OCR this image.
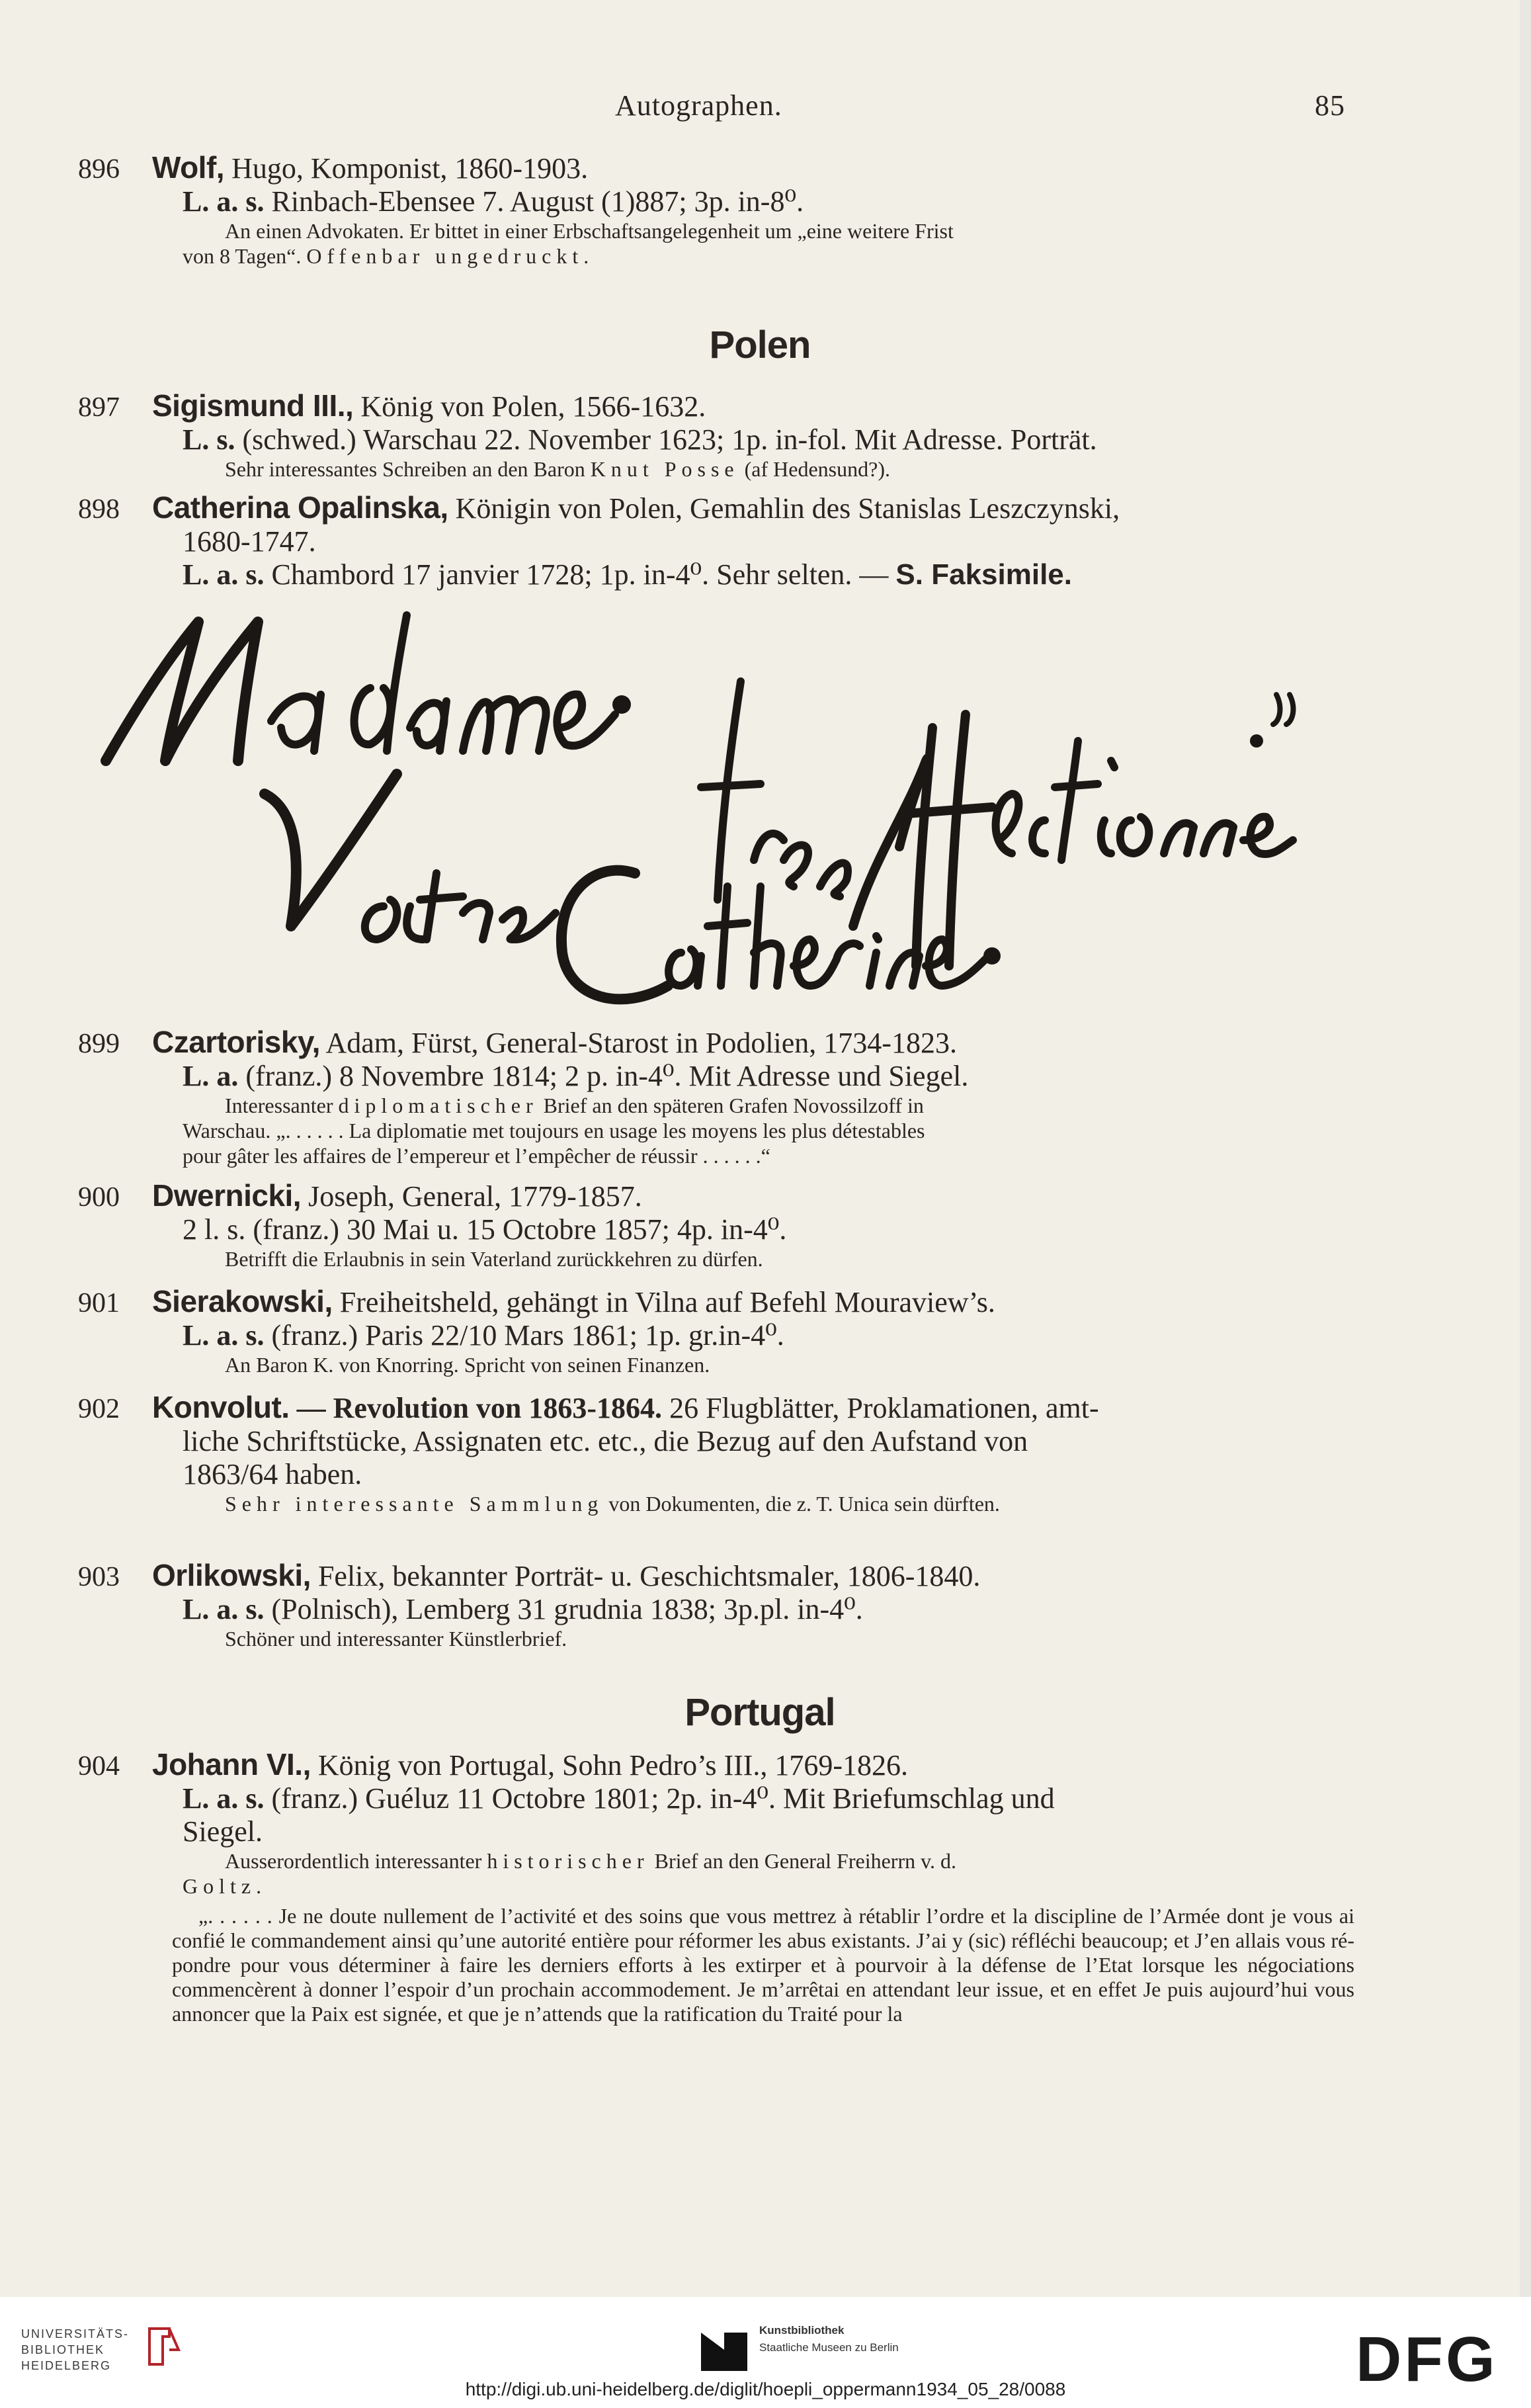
Autographen.	85
896 Wolf, Hugo, Komponist, 1860-1903.
L. a. s. Rinbach-Ebensee 7. August (1)887; 3p. in-8⁰.
An einen Advokaten. Er bittet in einer Erbschaftsangelegenheit um „eine weitere Frist
von 8 Tagen“. Offenbar ungedruckt.
Polen
897 Sigismund III., König von Polen, 1566-1632.
L. s. (schwed.) Warschau 22. November 1623; 1p. in-fol. Mit Adresse. Porträt.
Sehr interessantes Schreiben an den Baron Knut Posse (af Hedensund?).
898 Catherina Opalinska, Königin von Polen, Gemahlin des Stanislas Leszczynski,
1680-1747.
L. a. s. Chambord 17 janvier 1728; 1p. in-4⁰. Sehr selten. — S. Faksimile.
899 Czartorisky, Adam, Fürst, General-Starost in Podolien, 1734-1823.
L. a. (franz.) 8 Novembre 1814; 2 p. in-4⁰. Mit Adresse und Siegel.
Interessanter diplomatischer Brief an den späteren Grafen Novossilzoff in
Warschau. „. . . . . . La diplomatie met toujours en usage les moyens les plus détestables
pour gâter les affaires de l’empereur et l’empêcher de réussir . . . . . .“
900 Dwernicki, Joseph, General, 1779-1857.
2 l. s. (franz.) 30 Mai u. 15 Octobre 1857; 4p. in-4⁰.
Betrifft die Erlaubnis in sein Vaterland zurückkehren zu dürfen.
901 Sierakowski, Freiheitsheld, gehängt in Vilna auf Befehl Mouraview’s.
L. a. s. (franz.) Paris 22/10 Mars 1861; 1p. gr.in-4⁰.
An Baron K. von Knorring. Spricht von seinen Finanzen.
902 Konvolut. — Revolution von 1863-1864. 26 Flugblätter, Proklamationen, amt-
liche Schriftstücke, Assignaten etc. etc., die Bezug auf den Aufstand von
1863/64 haben.
Sehr interessante Sammlung von Dokumenten, die z. T. Unica sein dürften.
903 Orlikowski, Felix, bekannter Porträt- u. Geschichtsmaler, 1806-1840.
L. a. s. (Polnisch), Lemberg 31 grudnia 1838; 3p.pl. in-4⁰.
Schöner und interessanter Künstlerbrief.
Portugal
904 Johann VI., König von Portugal, Sohn Pedro’s III., 1769-1826.
L. a. s. (franz.) Guéluz 11 Octobre 1801; 2p. in-4⁰. Mit Briefumschlag und
Siegel.
Ausserordentlich interessanter historischer Brief an den General Freiherrn v. d.
Goltz.
„. . . . . . Je ne doute nullement de l’activité et des soins que vous mettrez à rétablir l’ordre et la discipline de l’Armée dont je vous ai confié le commandement ainsi qu’une autorité entière pour réformer les abus existants. J’ai y (sic) réfléchi beaucoup; et J’en allais vous ré-pondre pour vous déterminer à faire les derniers efforts à les extirper et à pourvoir à la défense de l’Etat lorsque les négociations commencèrent à donner l’espoir d’un prochain accommodement. Je m’arrêtai en attendant leur issue, et en effet Je puis aujourd’hui vous annoncer que la Paix est signée, et que je n’attends que la ratification du Traité pour la
UNIVERSITÄTS-
BIBLIOTHEK
HEIDELBERG
Kunstbibliothek
Staatliche Museen zu Berlin	DFG
http://digi.ub.uni-heidelberg.de/diglit/hoepli_oppermann1934_05_28/0088
